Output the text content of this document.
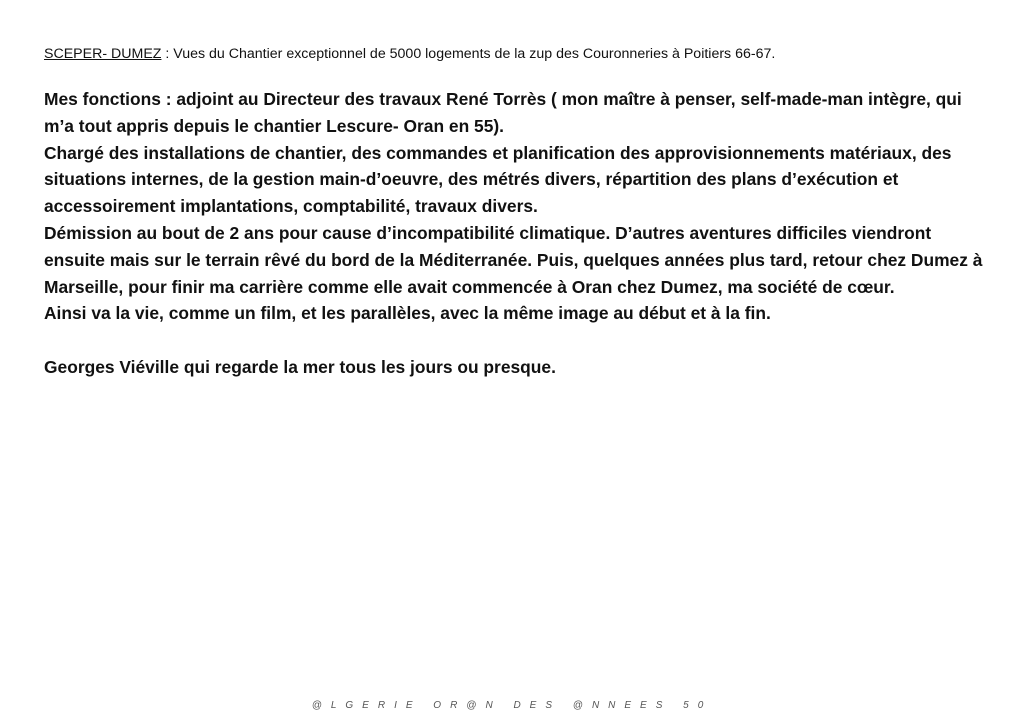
SCEPER- DUMEZ : Vues du Chantier exceptionnel de 5000 logements de la zup des Couronneries à Poitiers 66-67.

Mes fonctions : adjoint au Directeur des travaux René Torrès ( mon maître à penser, self-made-man intègre, qui m’a tout appris depuis le chantier Lescure- Oran en 55).

Chargé des installations de chantier, des commandes et planification des approvisionnements matériaux, des situations internes, de la gestion main-d’oeuvre, des métrés divers, répartition des plans d’exécution et accessoirement implantations, comptabilité, travaux divers.

Démission au bout de 2 ans pour cause d’incompatibilité climatique. D’autres aventures difficiles viendront ensuite mais sur le terrain rêvé du bord de la Méditerranée. Puis, quelques années plus tard, retour chez Dumez à Marseille, pour finir ma carrière comme elle avait commencée à Oran chez Dumez, ma société de cœur.

Ainsi va la vie, comme un film, et les parallèles, avec la même image au début et à la fin.

Georges Viéville qui regarde la mer tous les jours ou presque.

@LGERIE OR@N DES @NNEES 50
